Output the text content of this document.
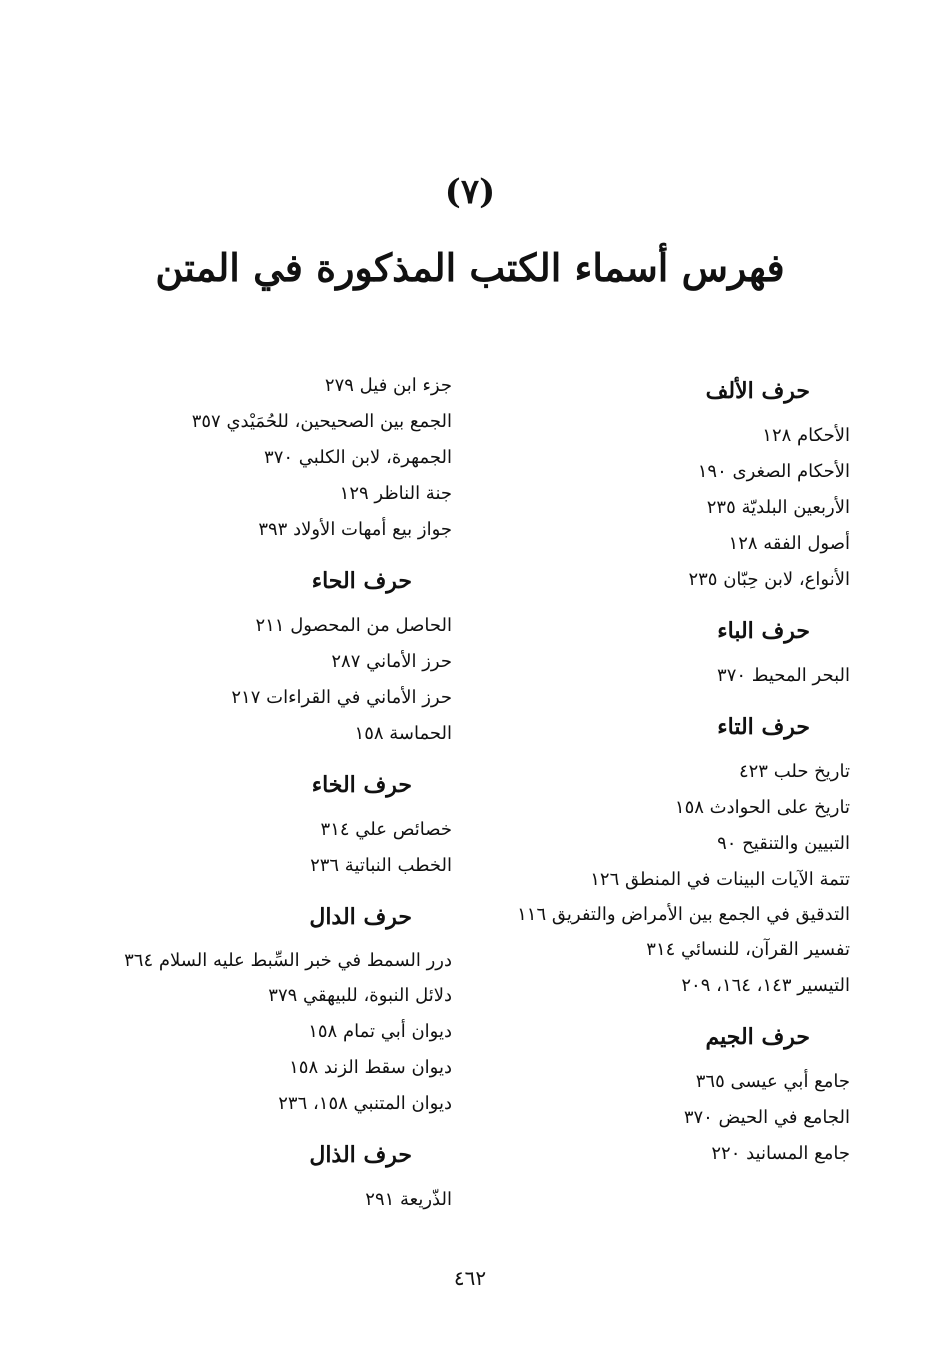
(٧)
فهرس أسماء الكتب المذكورة في المتن
حرف الألف
الأحكام ١٢٨
الأحكام الصغرى ١٩٠
الأربعين البلديّة ٢٣٥
أصول الفقه ١٢٨
الأنواع، لابن حِبّان ٢٣٥
حرف الباء
البحر المحيط ٣٧٠
حرف التاء
تاريخ حلب ٤٢٣
تاريخ على الحوادث ١٥٨
التبيين والتنقيح ٩٠
تتمة الآيات البينات في المنطق ١٢٦
التدقيق في الجمع بين الأمراض والتفريق ١١٦
تفسير القرآن، للنسائي ٣١٤
التيسير ١٤٣، ١٦٤، ٢٠٩
حرف الجيم
جامع أبي عيسى ٣٦٥
الجامع في الحيض ٣٧٠
جامع المسانيد ٢٢٠
جزء ابن فيل ٢٧٩
الجمع بين الصحيحين، للحُمَيْدي ٣٥٧
الجمهرة، لابن الكلبي ٣٧٠
جنة الناظر ١٢٩
جواز بيع أمهات الأولاد ٣٩٣
حرف الحاء
الحاصل من المحصول ٢١١
حرز الأماني ٢٨٧
حرز الأماني في القراءات ٢١٧
الحماسة ١٥٨
حرف الخاء
خصائص علي ٣١٤
الخطب النباتية ٢٣٦
حرف الدال
درر السمط في خبر السِّبط عليه السلام ٣٦٤
دلائل النبوة، للبيهقي ٣٧٩
ديوان أبي تمام ١٥٨
ديوان سقط الزند ١٥٨
ديوان المتنبي ١٥٨، ٢٣٦
حرف الذال
الذّريعة ٢٩١
٤٦٢
